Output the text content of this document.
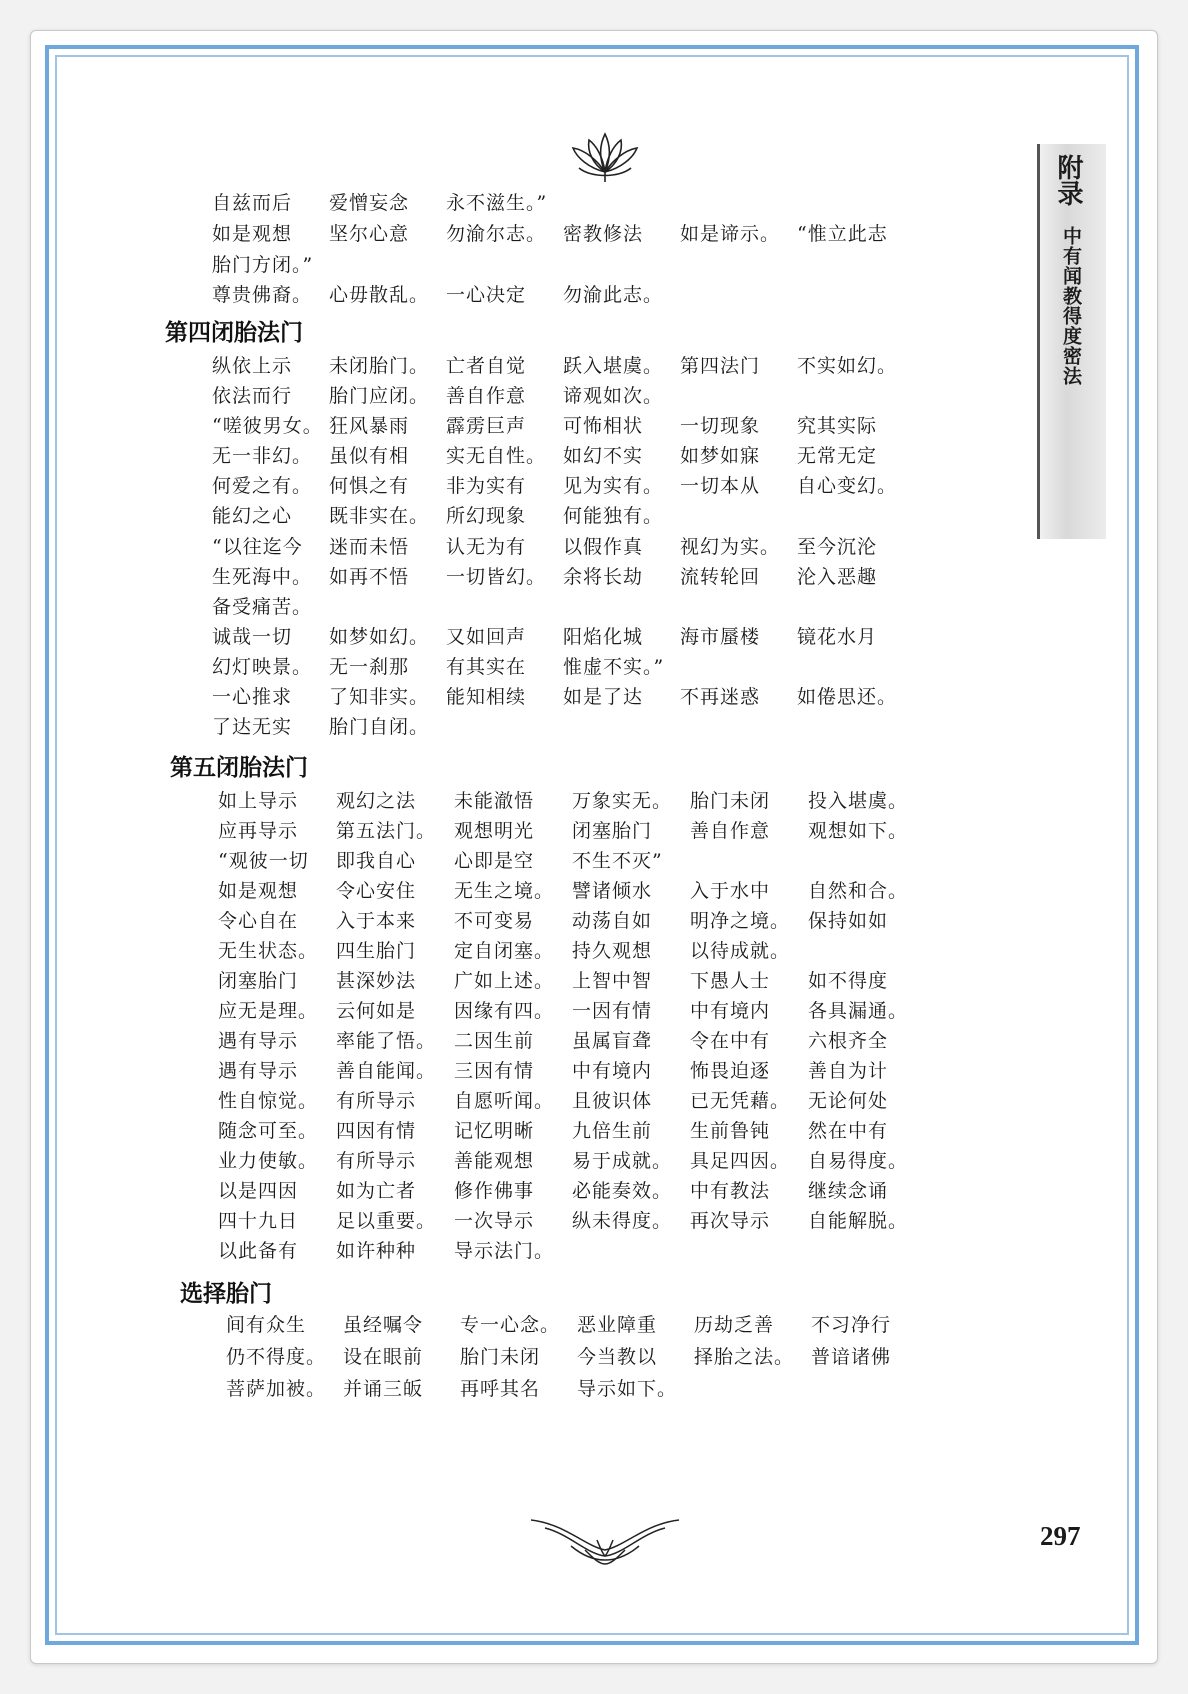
附录
中有闻教得度密法
自兹而后 爱憎妄念 永不滋生。”
如是观想 坚尔心意 勿渝尔志。 密教修法 如是谛示。 “惟立此志
胎门方闭。”
尊贵佛裔。 心毋散乱。 一心决定 勿渝此志。
第四闭胎法门
纵依上示 未闭胎门。 亡者自觉 跃入堪虞。 第四法门 不实如幻。
依法而行 胎门应闭。 善自作意 谛观如次。
“嗟彼男女。 狂风暴雨 霹雳巨声 可怖相状 一切现象 究其实际
无一非幻。 虽似有相 实无自性。 如幻不实 如梦如寐 无常无定
何爱之有。 何惧之有 非为实有 见为实有。 一切本从 自心变幻。
能幻之心 既非实在。 所幻现象 何能独有。
“以往迄今 迷而未悟 认无为有 以假作真 视幻为实。 至今沉沦
生死海中。 如再不悟 一切皆幻。 余将长劫 流转轮回 沦入恶趣
备受痛苦。
诚哉一切 如梦如幻。 又如回声 阳焰化城 海市蜃楼 镜花水月
幻灯映景。 无一刹那 有其实在 惟虚不实。”
一心推求 了知非实。 能知相续 如是了达 不再迷惑 如倦思还。
了达无实 胎门自闭。
第五闭胎法门
如上导示 观幻之法 未能澈悟 万象实无。 胎门未闭 投入堪虞。
应再导示 第五法门。 观想明光 闭塞胎门 善自作意 观想如下。
“观彼一切 即我自心 心即是空 不生不灭”
如是观想 令心安住 无生之境。 譬诸倾水 入于水中 自然和合。
令心自在 入于本来 不可变易 动荡自如 明净之境。 保持如如
无生状态。 四生胎门 定自闭塞。 持久观想 以待成就。
闭塞胎门 甚深妙法 广如上述。 上智中智 下愚人士 如不得度
应无是理。 云何如是 因缘有四。 一因有情 中有境内 各具漏通。
遇有导示 率能了悟。 二因生前 虽属盲聋 令在中有 六根齐全
遇有导示 善自能闻。 三因有情 中有境内 怖畏迫逐 善自为计
性自惊觉。 有所导示 自愿听闻。 且彼识体 已无凭藉。 无论何处
随念可至。 四因有情 记忆明晰 九倍生前 生前鲁钝 然在中有
业力使敏。 有所导示 善能观想 易于成就。 具足四因。 自易得度。
以是四因 如为亡者 修作佛事 必能奏效。 中有教法 继续念诵
四十九日 足以重要。 一次导示 纵未得度。 再次导示 自能解脱。
以此备有 如许种种 导示法门。
选择胎门
间有众生 虽经嘱令 专一心念。 恶业障重 历劫乏善 不习净行
仍不得度。 设在眼前 胎门未闭 今当教以 择胎之法。 普谙诸佛
菩萨加被。 并诵三皈 再呼其名 导示如下。
297
